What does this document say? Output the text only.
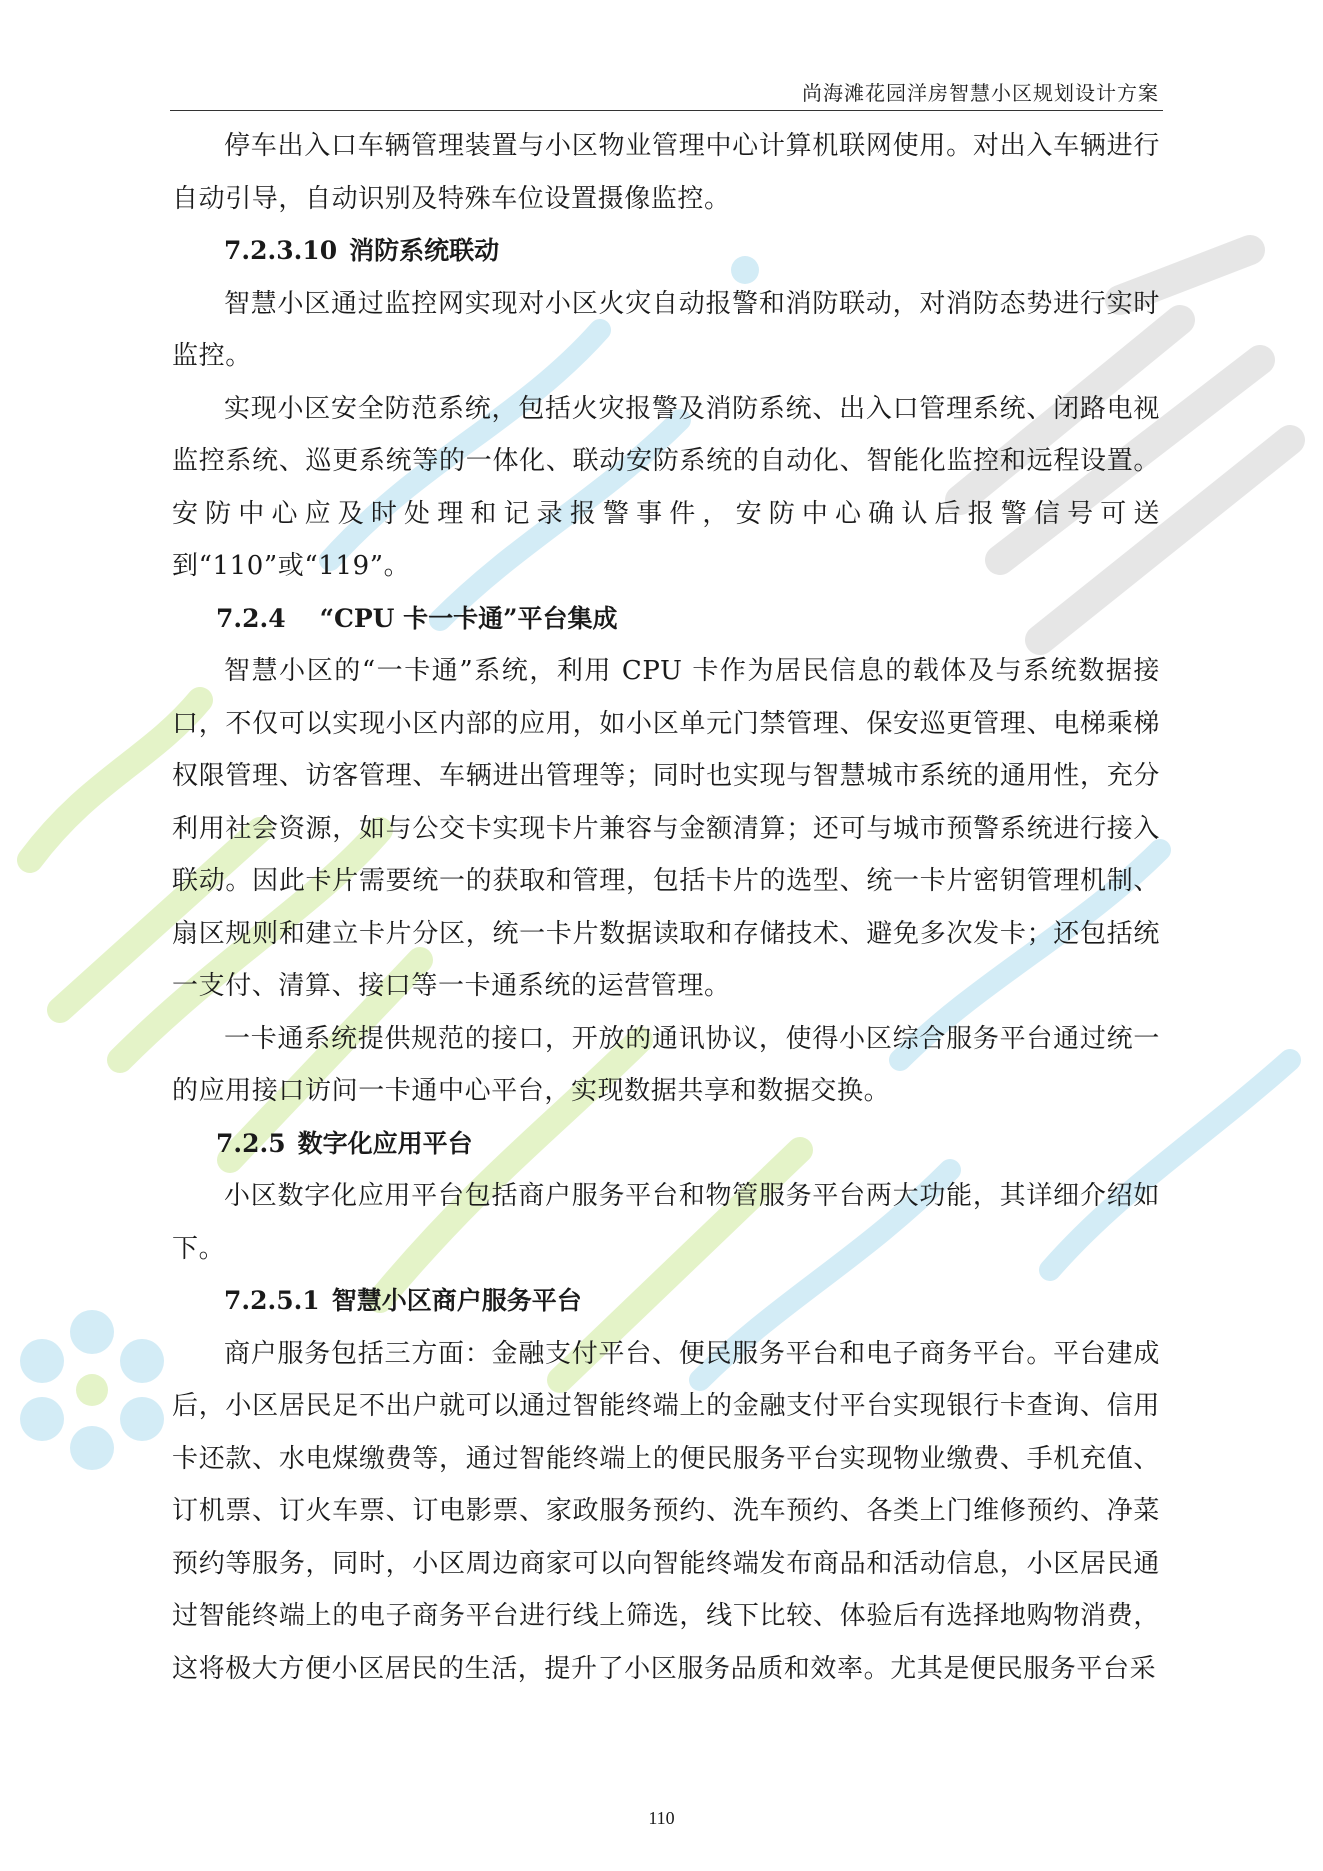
尚海滩花园洋房智慧小区规划设计方案

停车出入口车辆管理装置与小区物业管理中心计算机联网使用。对出入车辆进行自动引导，自动识别及特殊车位设置摄像监控。

7.2.3.10 消防系统联动

智慧小区通过监控网实现对小区火灾自动报警和消防联动，对消防态势进行实时监控。

实现小区安全防范系统，包括火灾报警及消防系统、出入口管理系统、闭路电视监控系统、巡更系统等的一体化、联动安防系统的自动化、智能化监控和远程设置。安防中心应及时处理和记录报警事件，安防中心确认后报警信号可送到“110”或“119”。

7.2.4 “CPU 卡一卡通”平台集成

智慧小区的“一卡通”系统，利用 CPU 卡作为居民信息的载体及与系统数据接口，不仅可以实现小区内部的应用，如小区单元门禁管理、保安巡更管理、电梯乘梯权限管理、访客管理、车辆进出管理等；同时也实现与智慧城市系统的通用性，充分利用社会资源，如与公交卡实现卡片兼容与金额清算；还可与城市预警系统进行接入联动。因此卡片需要统一的获取和管理，包括卡片的选型、统一卡片密钥管理机制、扇区规则和建立卡片分区，统一卡片数据读取和存储技术、避免多次发卡；还包括统一支付、清算、接口等一卡通系统的运营管理。

一卡通系统提供规范的接口，开放的通讯协议，使得小区综合服务平台通过统一的应用接口访问一卡通中心平台，实现数据共享和数据交换。

7.2.5 数字化应用平台

小区数字化应用平台包括商户服务平台和物管服务平台两大功能，其详细介绍如下。

7.2.5.1 智慧小区商户服务平台

商户服务包括三方面：金融支付平台、便民服务平台和电子商务平台。平台建成后，小区居民足不出户就可以通过智能终端上的金融支付平台实现银行卡查询、信用卡还款、水电煤缴费等，通过智能终端上的便民服务平台实现物业缴费、手机充值、订机票、订火车票、订电影票、家政服务预约、洗车预约、各类上门维修预约、净菜预约等服务，同时，小区周边商家可以向智能终端发布商品和活动信息，小区居民通过智能终端上的电子商务平台进行线上筛选，线下比较、体验后有选择地购物消费，这将极大方便小区居民的生活，提升了小区服务品质和效率。尤其是便民服务平台采

110
